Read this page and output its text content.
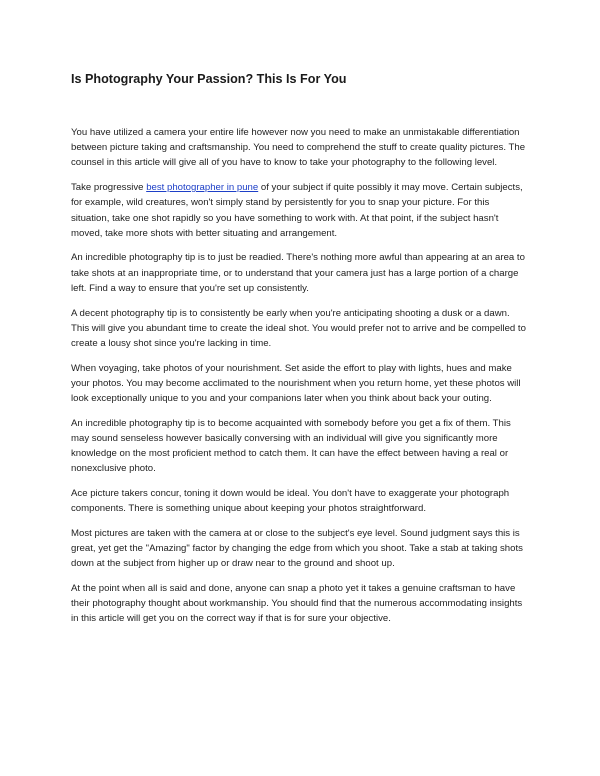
Is Photography Your Passion? This Is For You

You have utilized a camera your entire life however now you need to make an unmistakable differentiation between picture taking and craftsmanship. You need to comprehend the stuff to create quality pictures. The counsel in this article will give all of you have to know to take your photography to the following level.

Take progressive best photographer in pune of your subject if quite possibly it may move. Certain subjects, for example, wild creatures, won't simply stand by persistently for you to snap your picture. For this situation, take one shot rapidly so you have something to work with. At that point, if the subject hasn't moved, take more shots with better situating and arrangement.

An incredible photography tip is to just be readied. There's nothing more awful than appearing at an area to take shots at an inappropriate time, or to understand that your camera just has a large portion of a charge left. Find a way to ensure that you're set up consistently.

A decent photography tip is to consistently be early when you're anticipating shooting a dusk or a dawn. This will give you abundant time to create the ideal shot. You would prefer not to arrive and be compelled to create a lousy shot since you're lacking in time.

When voyaging, take photos of your nourishment. Set aside the effort to play with lights, hues and make your photos. You may become acclimated to the nourishment when you return home, yet these photos will look exceptionally unique to you and your companions later when you think about back your outing.

An incredible photography tip is to become acquainted with somebody before you get a fix of them. This may sound senseless however basically conversing with an individual will give you significantly more knowledge on the most proficient method to catch them. It can have the effect between having a real or nonexclusive photo.

Ace picture takers concur, toning it down would be ideal. You don't have to exaggerate your photograph components. There is something unique about keeping your photos straightforward.

Most pictures are taken with the camera at or close to the subject's eye level. Sound judgment says this is great, yet get the "Amazing" factor by changing the edge from which you shoot. Take a stab at taking shots down at the subject from higher up or draw near to the ground and shoot up.

At the point when all is said and done, anyone can snap a photo yet it takes a genuine craftsman to have their photography thought about workmanship. You should find that the numerous accommodating insights in this article will get you on the correct way if that is for sure your objective.
